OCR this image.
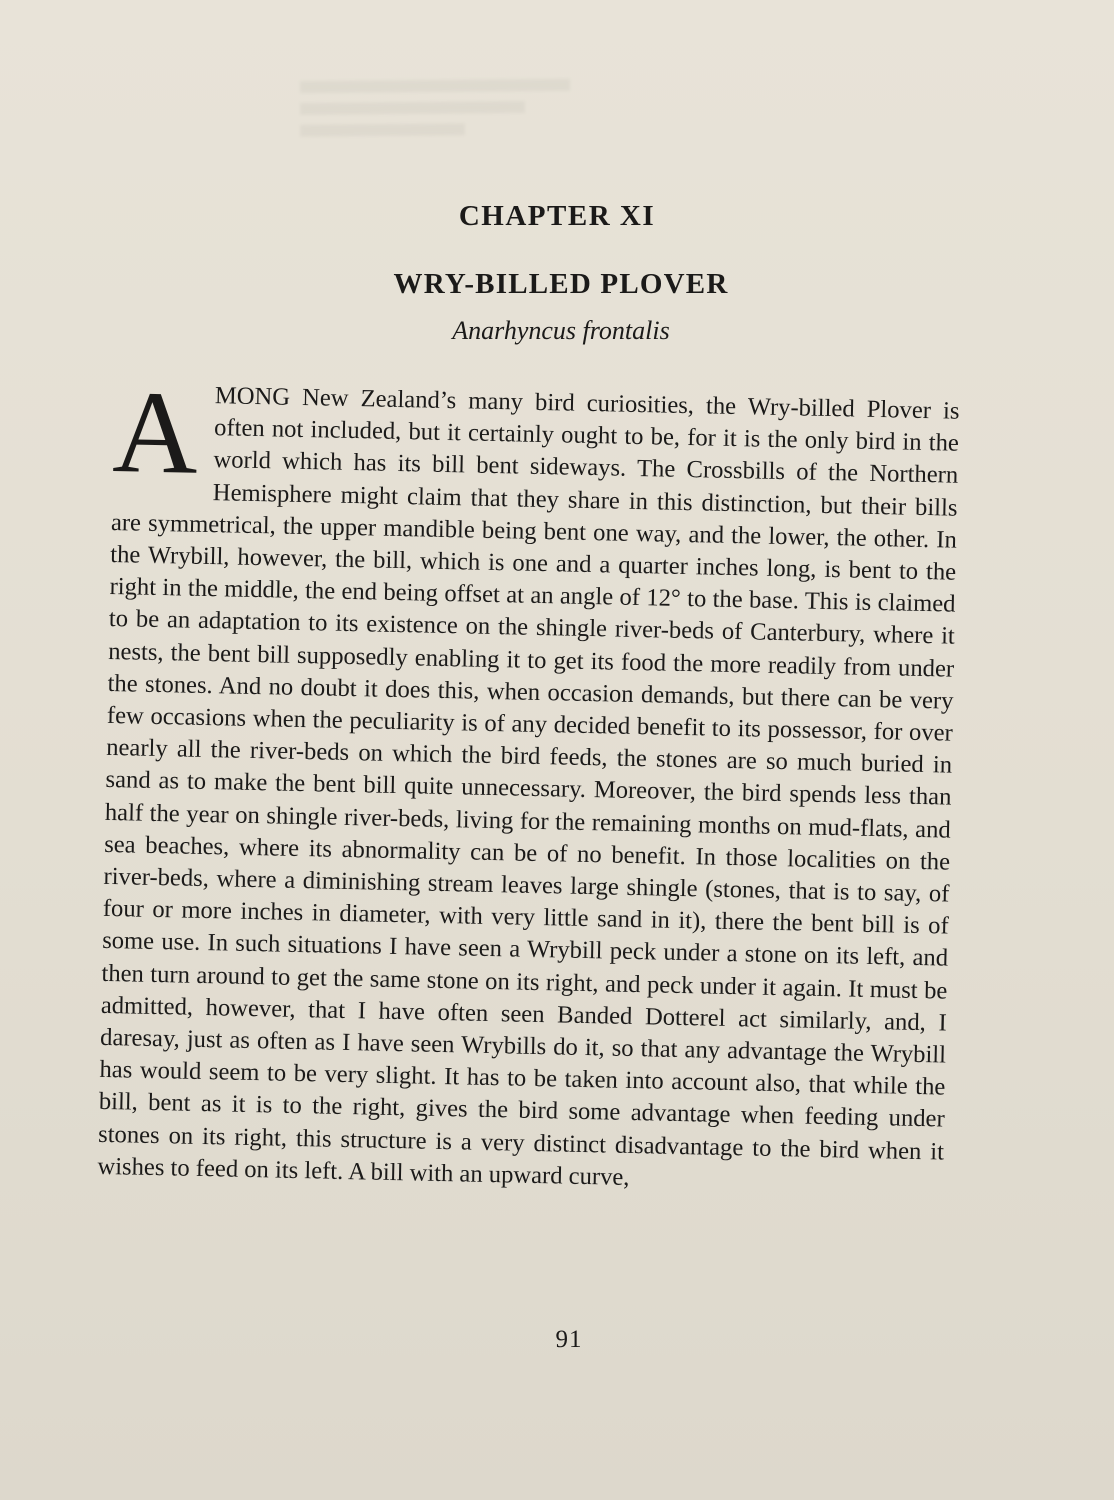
CHAPTER XI
WRY-BILLED PLOVER

Anarhyncus frontalis

AMONG New Zealand’s many bird curiosities, the Wry-billed Plover is often not included, but it certainly ought to be, for it is the only bird in the world which has its bill bent sideways. The Crossbills of the Northern Hemisphere might claim that they share in this distinction, but their bills are symmetrical, the upper mandible being bent one way, and the lower, the other. In the Wrybill, however, the bill, which is one and a quarter inches long, is bent to the right in the middle, the end being offset at an angle of 12° to the base. This is claimed to be an adaptation to its existence on the shingle river-beds of Canterbury, where it nests, the bent bill supposedly enabling it to get its food the more readily from under the stones. And no doubt it does this, when occasion demands, but there can be very few occasions when the peculiarity is of any decided benefit to its possessor, for over nearly all the river-beds on which the bird feeds, the stones are so much buried in sand as to make the bent bill quite unnecessary. Moreover, the bird spends less than half the year on shingle river-beds, living for the remaining months on mud-flats, and sea beaches, where its abnormality can be of no benefit. In those localities on the river-beds, where a diminishing stream leaves large shingle (stones, that is to say, of four or more inches in diameter, with very little sand in it), there the bent bill is of some use. In such situations I have seen a Wrybill peck under a stone on its left, and then turn around to get the same stone on its right, and peck under it again. It must be admitted, however, that I have often seen Banded Dotterel act similarly, and, I daresay, just as often as I have seen Wrybills do it, so that any advantage the Wrybill has would seem to be very slight. It has to be taken into account also, that while the bill, bent as it is to the right, gives the bird some advantage when feeding under stones on its right, this structure is a very distinct disadvantage to the bird when it wishes to feed on its left. A bill with an upward curve,

91
